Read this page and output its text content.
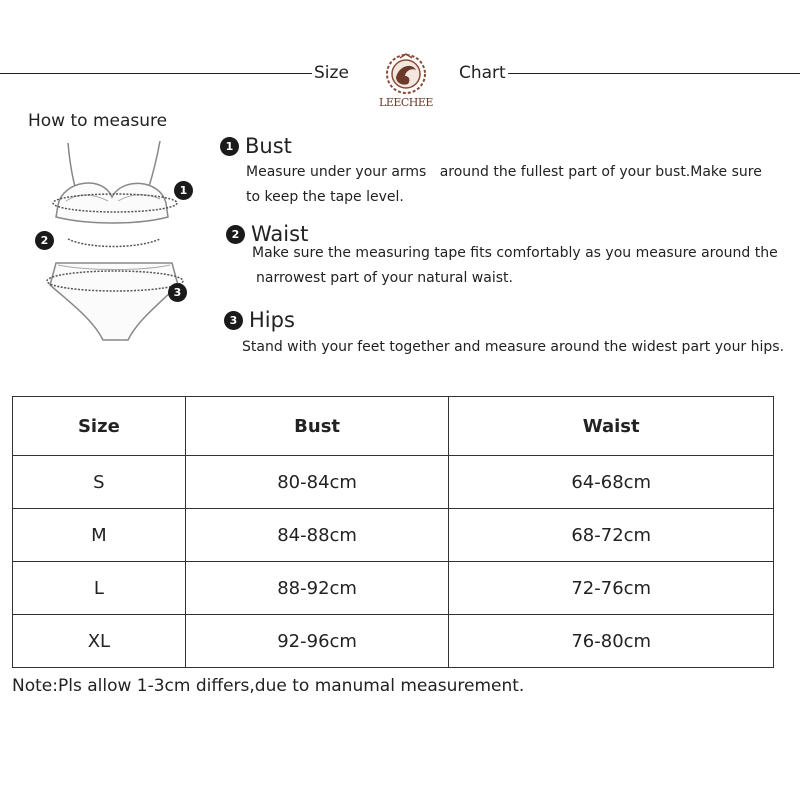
Size
LEECHEE
Chart
How to measure
1
2
3
1 Bust
Measure under your arms   around the fullest part of your bust.Make sure
to keep the tape level.
2 Waist
Make sure the measuring tape fits comfortably as you measure around the
narrowest part of your natural waist.
3 Hips
Stand with your feet together and measure around the widest part your hips.
Size	Bust	Waist
S	80-84cm	64-68cm
M	84-88cm	68-72cm
L	88-92cm	72-76cm
XL	92-96cm	76-80cm
Note:Pls allow 1-3cm differs,due to manumal measurement.
